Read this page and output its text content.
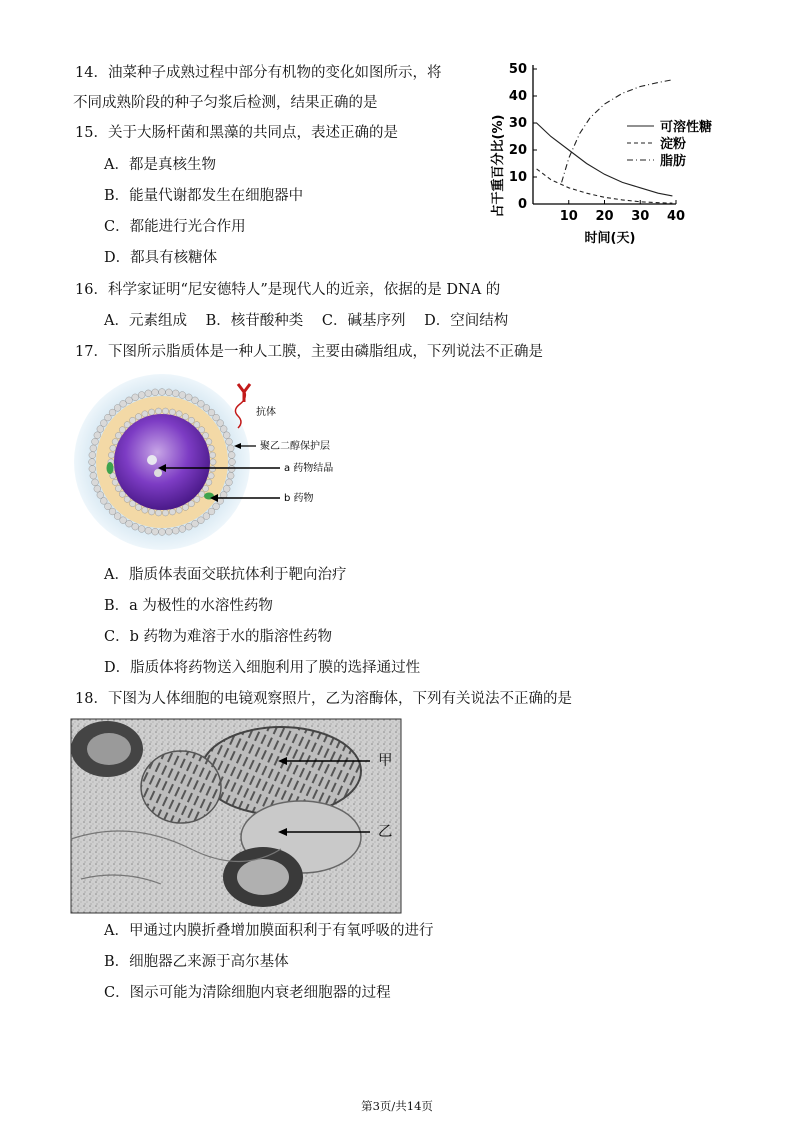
14．油菜种子成熟过程中部分有机物的变化如图所示，将
不同成熟阶段的种子匀浆后检测，结果正确的是
0
10
20
30
40
50
10 20 30 40
占干重百分比(%)
时间(天)
可溶性糖
淀粉
脂肪
15．关于大肠杆菌和黑藻的共同点，表述正确的是
A．都是真核生物
B．能量代谢都发生在细胞器中
C．都能进行光合作用
D．都具有核糖体
16．科学家证明“尼安德特人”是现代人的近亲，依据的是 DNA 的
A．元素组成 B．核苷酸种类 C．碱基序列 D．空间结构
17．下图所示脂质体是一种人工膜，主要由磷脂组成，下列说法不正确是
抗体
聚乙二醇保护层
a 药物结晶
b 药物
A．脂质体表面交联抗体利于靶向治疗
B．a 为极性的水溶性药物
C．b 药物为难溶于水的脂溶性药物
D．脂质体将药物送入细胞利用了膜的选择通过性
18．下图为人体细胞的电镜观察照片，乙为溶酶体，下列有关说法不正确的是
甲
乙
A．甲通过内膜折叠增加膜面积利于有氧呼吸的进行
B．细胞器乙来源于高尔基体
C．图示可能为清除细胞内衰老细胞器的过程
第3页/共14页
